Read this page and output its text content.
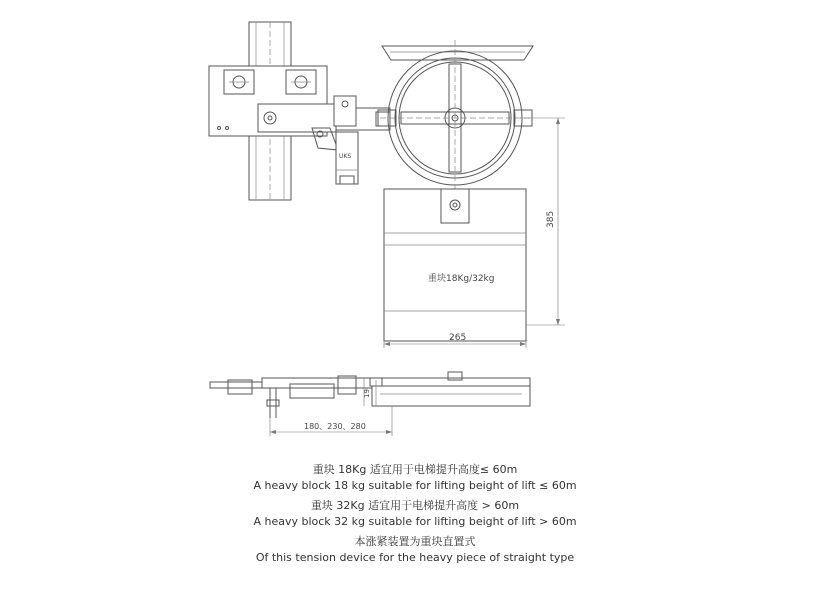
UKS
重块18Kg/32kg
385
265
19
180、230、280
重块 18Kg 适宜用于电梯提升高度≤ 60m
A heavy block 18 kg suitable for lifting beight of lift ≤ 60m
重块 32Kg 适宜用于电梯提升高度 > 60m
A heavy block 32 kg suitable for lifting beight of lift > 60m
本涨紧装置为重块直置式
Of this tension device for the heavy piece of straight type
